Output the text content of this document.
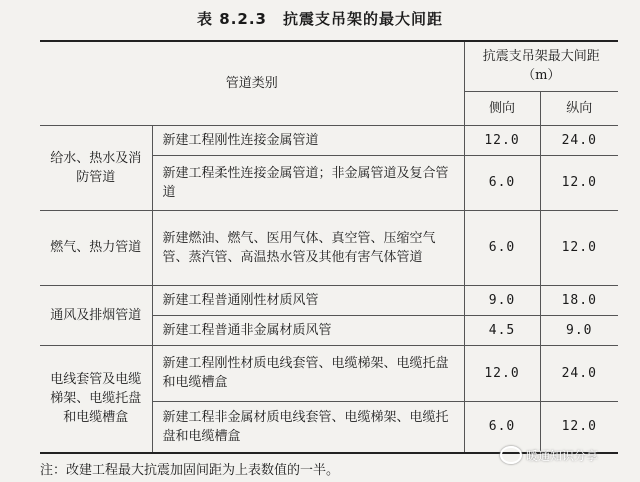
表 8.2.3　抗震支吊架的最大间距
管道类别		抗震支吊架最大间距（m）	
		侧向	纵向
给水、热水及消防管道	新建工程刚性连接金属管道	12.0	24.0
	新建工程柔性连接金属管道；非金属管道及复合管道	6.0	12.0
燃气、热力管道	新建燃油、燃气、医用气体、真空管、压缩空气管、蒸汽管、高温热水管及其他有害气体管道	6.0	12.0
通风及排烟管道	新建工程普通刚性材质风管	9.0	18.0
	新建工程普通非金属材质风管	4.5	9.0
电线套管及电缆梯架、电缆托盘和电缆槽盒	新建工程刚性材质电线套管、电缆梯架、电缆托盘和电缆槽盒	12.0	24.0
	新建工程非金属材质电线套管、电缆梯架、电缆托盘和电缆槽盒	6.0	12.0
注：改建工程最大抗震加固间距为上表数值的一半。
暖通知识分享
